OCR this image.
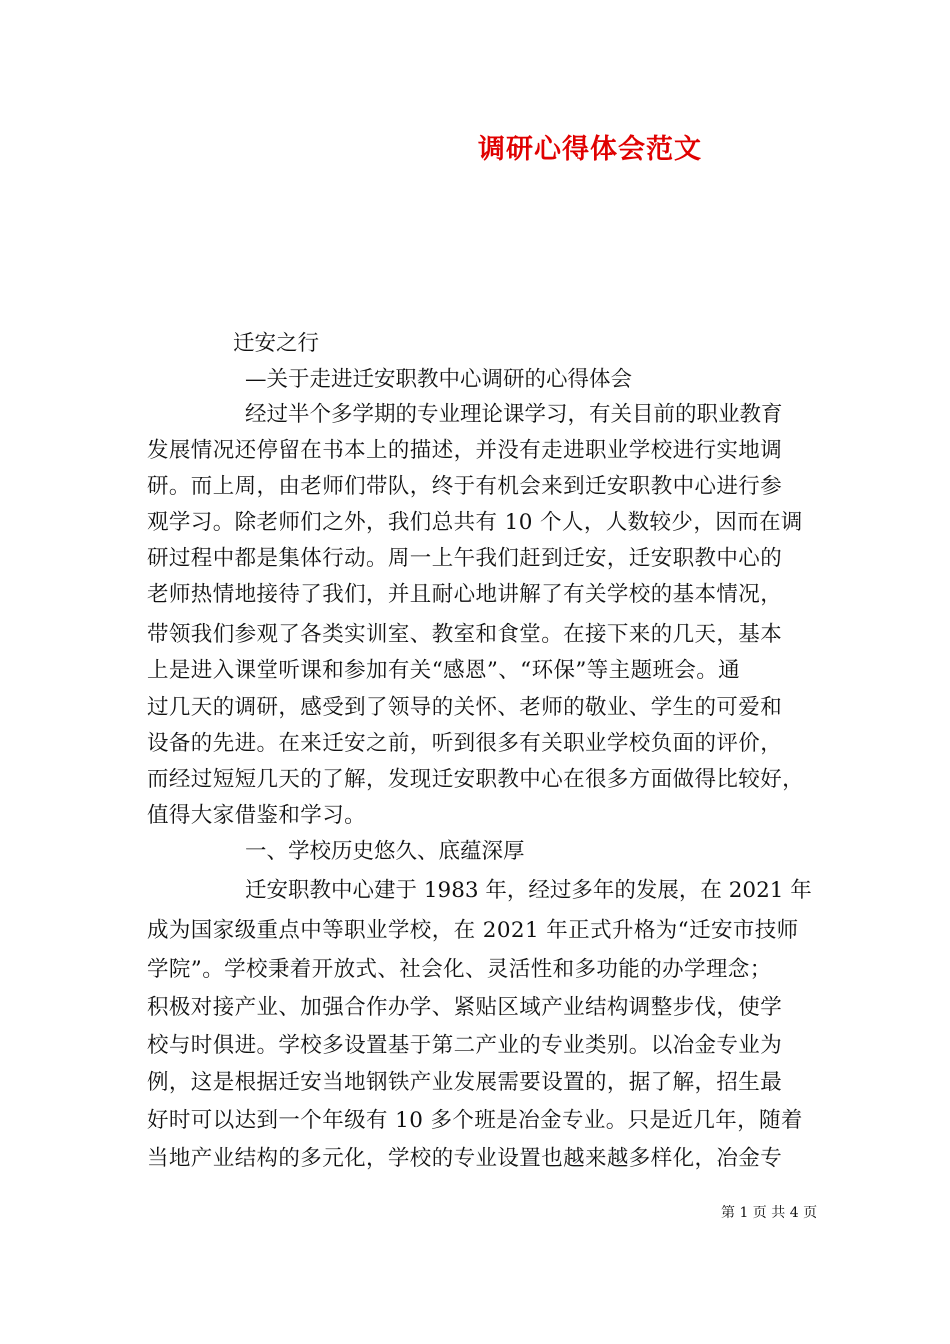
调研心得体会范文
迁安之行
—关于走进迁安职教中心调研的心得体会
经过半个多学期的专业理论课学习，有关目前的职业教育
发展情况还停留在书本上的描述，并没有走进职业学校进行实地调
研。而上周，由老师们带队，终于有机会来到迁安职教中心进行参
观学习。除老师们之外，我们总共有 10 个人，人数较少，因而在调
研过程中都是集体行动。周一上午我们赶到迁安，迁安职教中心的
老师热情地接待了我们，并且耐心地讲解了有关学校的基本情况，
带领我们参观了各类实训室、教室和食堂。在接下来的几天，基本
上是进入课堂听课和参加有关“感恩”、“环保”等主题班会。通
过几天的调研，感受到了领导的关怀、老师的敬业、学生的可爱和
设备的先进。在来迁安之前，听到很多有关职业学校负面的评价，
而经过短短几天的了解，发现迁安职教中心在很多方面做得比较好，
值得大家借鉴和学习。
一、学校历史悠久、底蕴深厚
迁安职教中心建于 1983 年，经过多年的发展，在 2021 年
成为国家级重点中等职业学校，在 2021 年正式升格为“迁安市技师
学院”。学校秉着开放式、社会化、灵活性和多功能的办学理念；
积极对接产业、加强合作办学、紧贴区域产业结构调整步伐，使学
校与时俱进。学校多设置基于第二产业的专业类别。以冶金专业为
例，这是根据迁安当地钢铁产业发展需要设置的，据了解，招生最
好时可以达到一个年级有 10 多个班是冶金专业。只是近几年，随着
当地产业结构的多元化，学校的专业设置也越来越多样化，冶金专
第 1 页 共 4 页
